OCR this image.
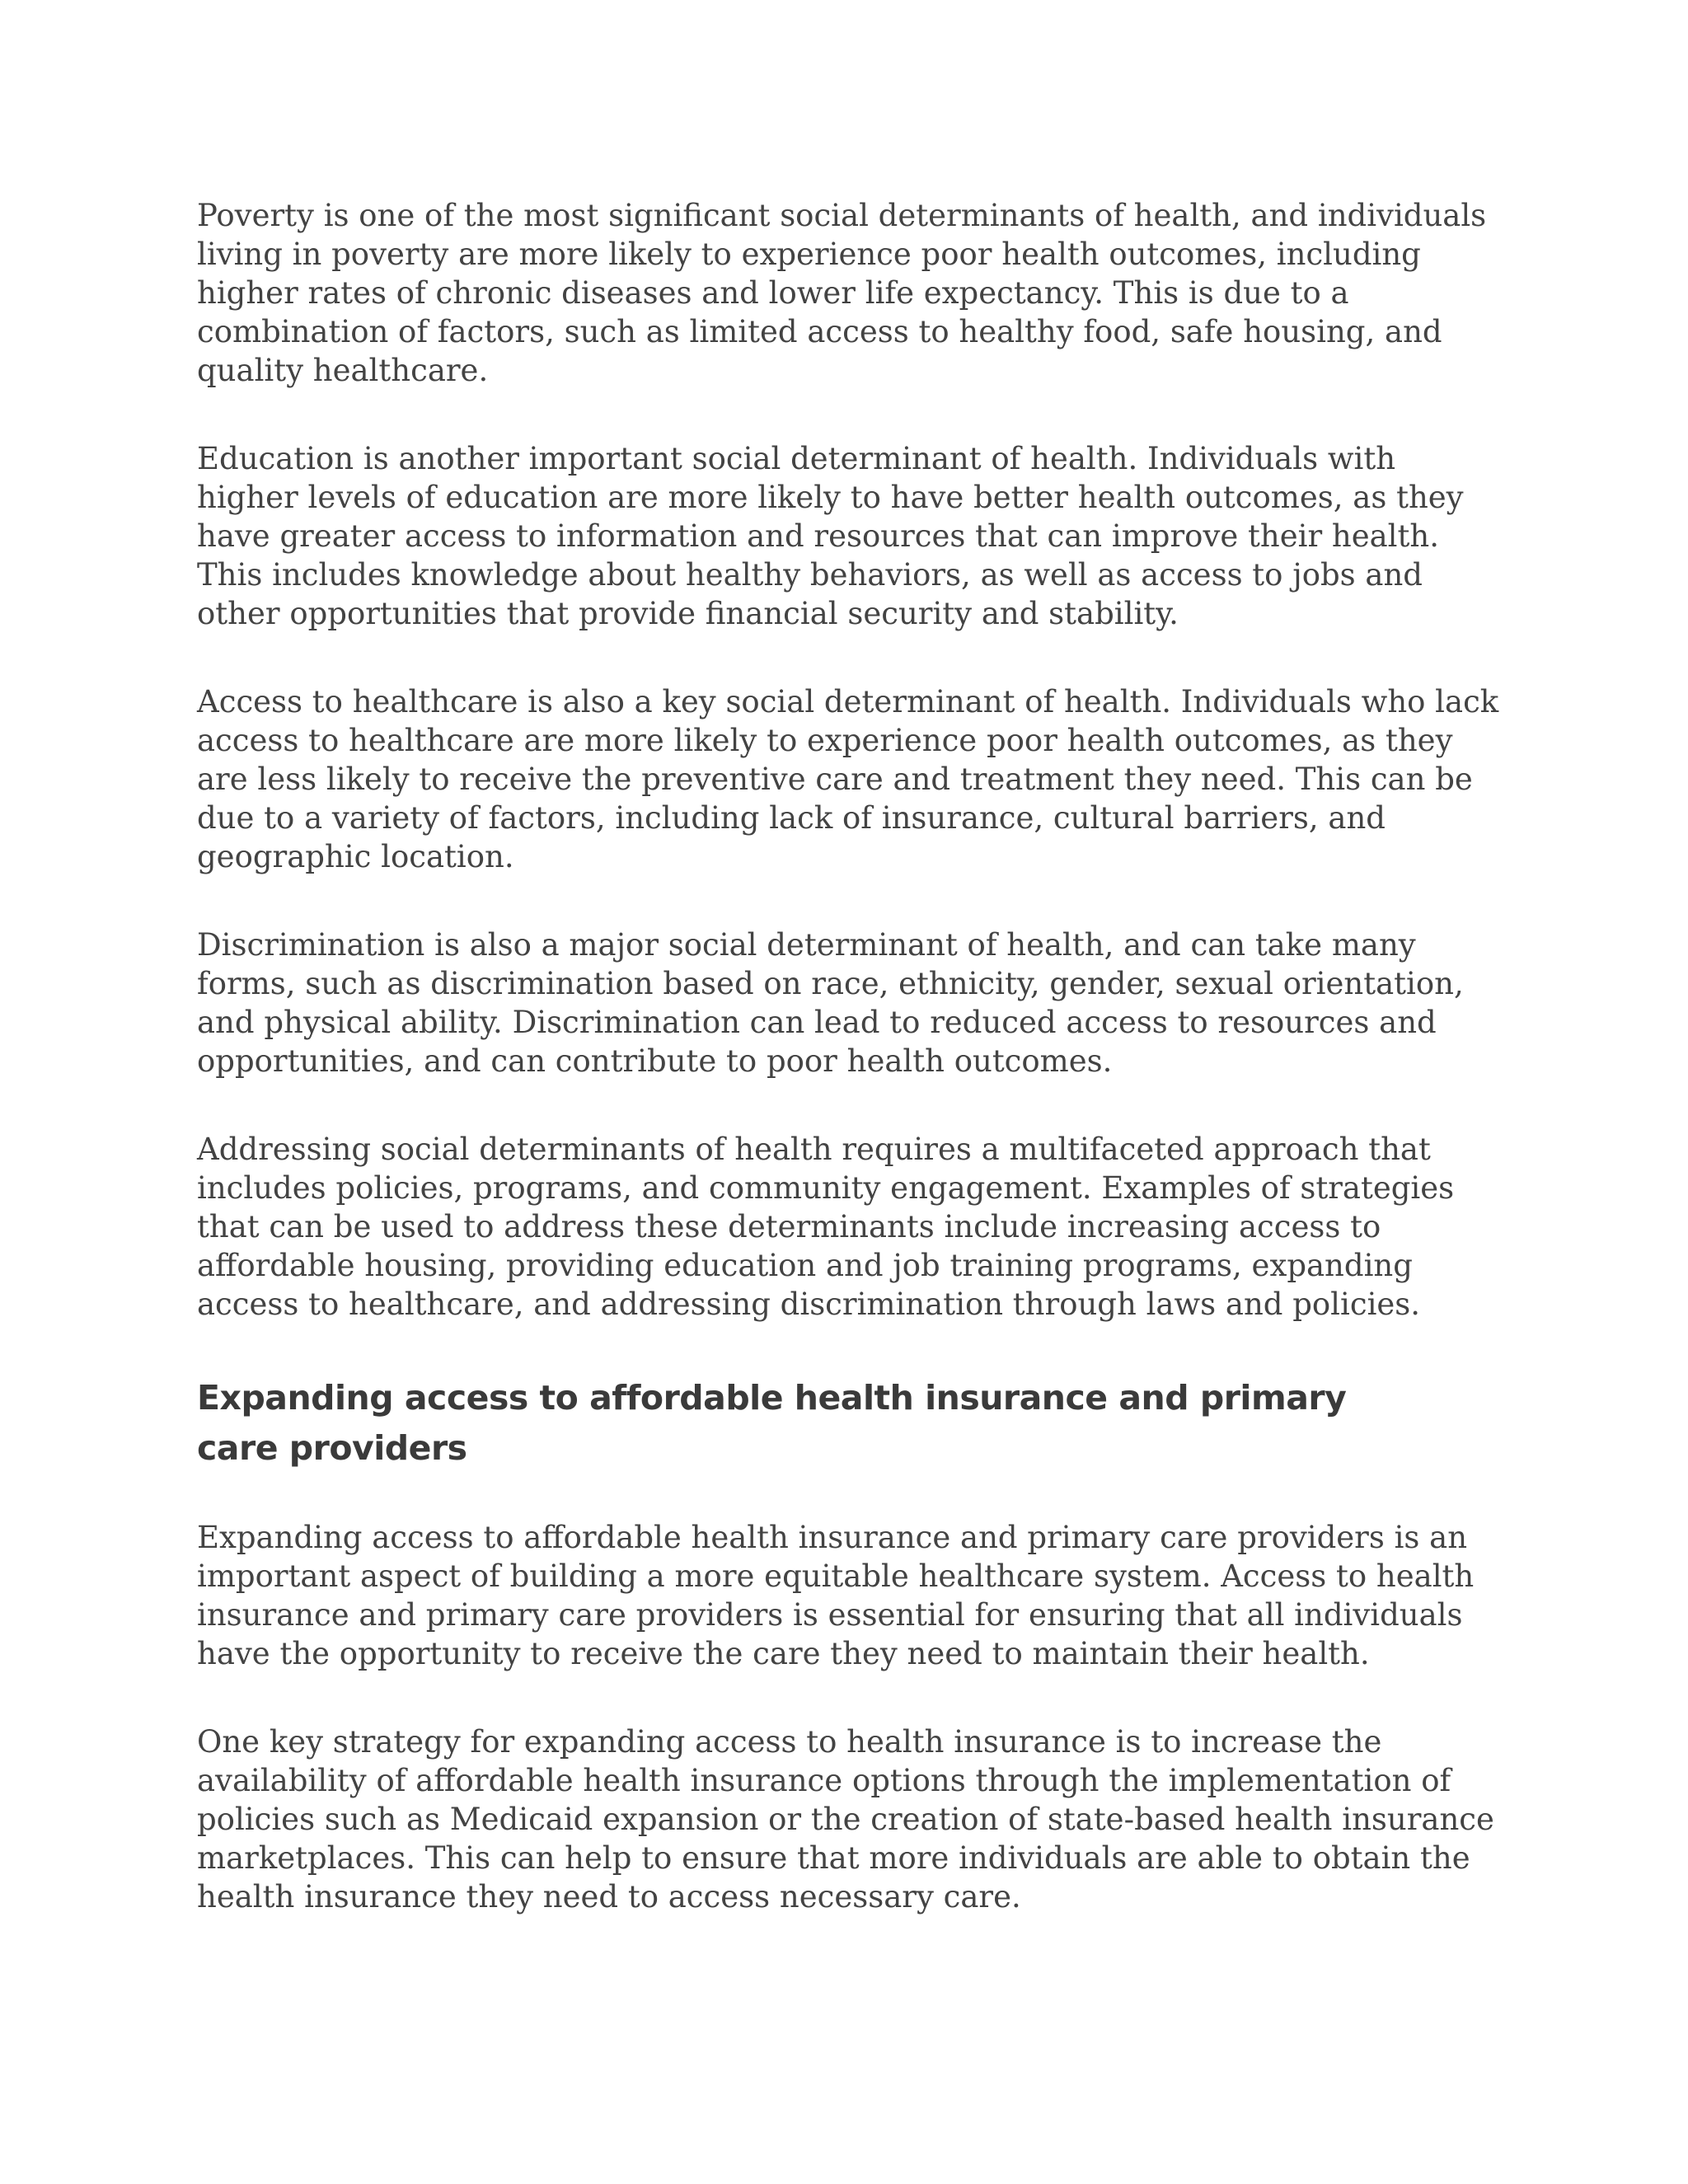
Poverty is one of the most significant social determinants of health, and individuals living in poverty are more likely to experience poor health outcomes, including higher rates of chronic diseases and lower life expectancy. This is due to a combination of factors, such as limited access to healthy food, safe housing, and quality healthcare.

Education is another important social determinant of health. Individuals with higher levels of education are more likely to have better health outcomes, as they have greater access to information and resources that can improve their health. This includes knowledge about healthy behaviors, as well as access to jobs and other opportunities that provide financial security and stability.

Access to healthcare is also a key social determinant of health. Individuals who lack access to healthcare are more likely to experience poor health outcomes, as they are less likely to receive the preventive care and treatment they need. This can be due to a variety of factors, including lack of insurance, cultural barriers, and geographic location.

Discrimination is also a major social determinant of health, and can take many forms, such as discrimination based on race, ethnicity, gender, sexual orientation, and physical ability. Discrimination can lead to reduced access to resources and opportunities, and can contribute to poor health outcomes.

Addressing social determinants of health requires a multifaceted approach that includes policies, programs, and community engagement. Examples of strategies that can be used to address these determinants include increasing access to affordable housing, providing education and job training programs, expanding access to healthcare, and addressing discrimination through laws and policies.

Expanding access to affordable health insurance and primary care providers

Expanding access to affordable health insurance and primary care providers is an important aspect of building a more equitable healthcare system. Access to health insurance and primary care providers is essential for ensuring that all individuals have the opportunity to receive the care they need to maintain their health.

One key strategy for expanding access to health insurance is to increase the availability of affordable health insurance options through the implementation of policies such as Medicaid expansion or the creation of state-based health insurance marketplaces. This can help to ensure that more individuals are able to obtain the health insurance they need to access necessary care.
